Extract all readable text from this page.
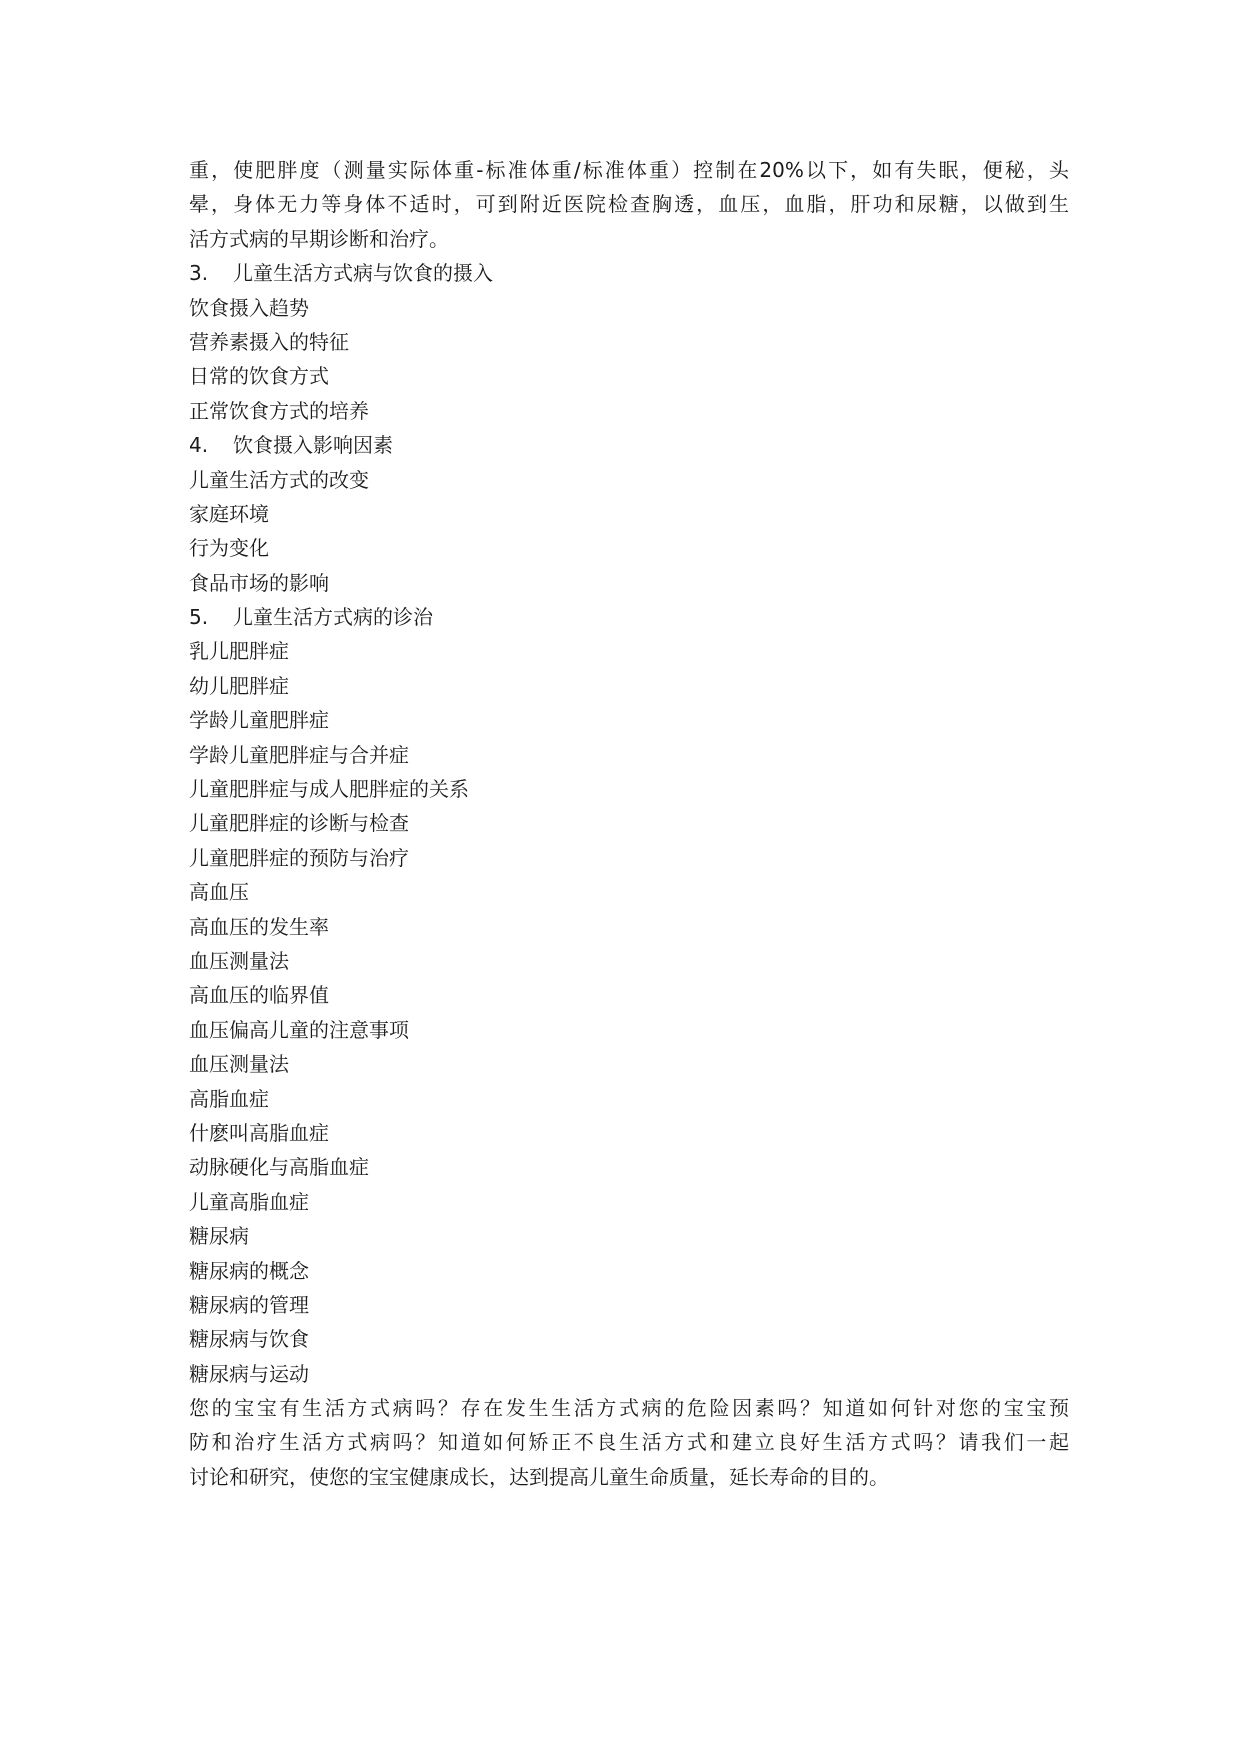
重，使肥胖度（测量实际体重-标准体重/标准体重）控制在20%以下，如有失眠，便秘，头
晕，身体无力等身体不适时，可到附近医院检查胸透，血压，血脂，肝功和尿糖，以做到生
活方式病的早期诊断和治疗。
3.	儿童生活方式病与饮食的摄入
饮食摄入趋势
营养素摄入的特征
日常的饮食方式
正常饮食方式的培养
4.	饮食摄入影响因素
儿童生活方式的改变
家庭环境
行为变化
食品市场的影响
5.	儿童生活方式病的诊治
乳儿肥胖症
幼儿肥胖症
学龄儿童肥胖症
学龄儿童肥胖症与合并症
儿童肥胖症与成人肥胖症的关系
儿童肥胖症的诊断与检查
儿童肥胖症的预防与治疗
高血压
高血压的发生率
血压测量法
高血压的临界值
血压偏高儿童的注意事项
血压测量法
高脂血症
什麽叫高脂血症
动脉硬化与高脂血症
儿童高脂血症
糖尿病
糖尿病的概念
糖尿病的管理
糖尿病与饮食
糖尿病与运动
您的宝宝有生活方式病吗？存在发生生活方式病的危险因素吗？知道如何针对您的宝宝预
防和治疗生活方式病吗？知道如何矫正不良生活方式和建立良好生活方式吗？请我们一起
讨论和研究，使您的宝宝健康成长，达到提高儿童生命质量，延长寿命的目的。
